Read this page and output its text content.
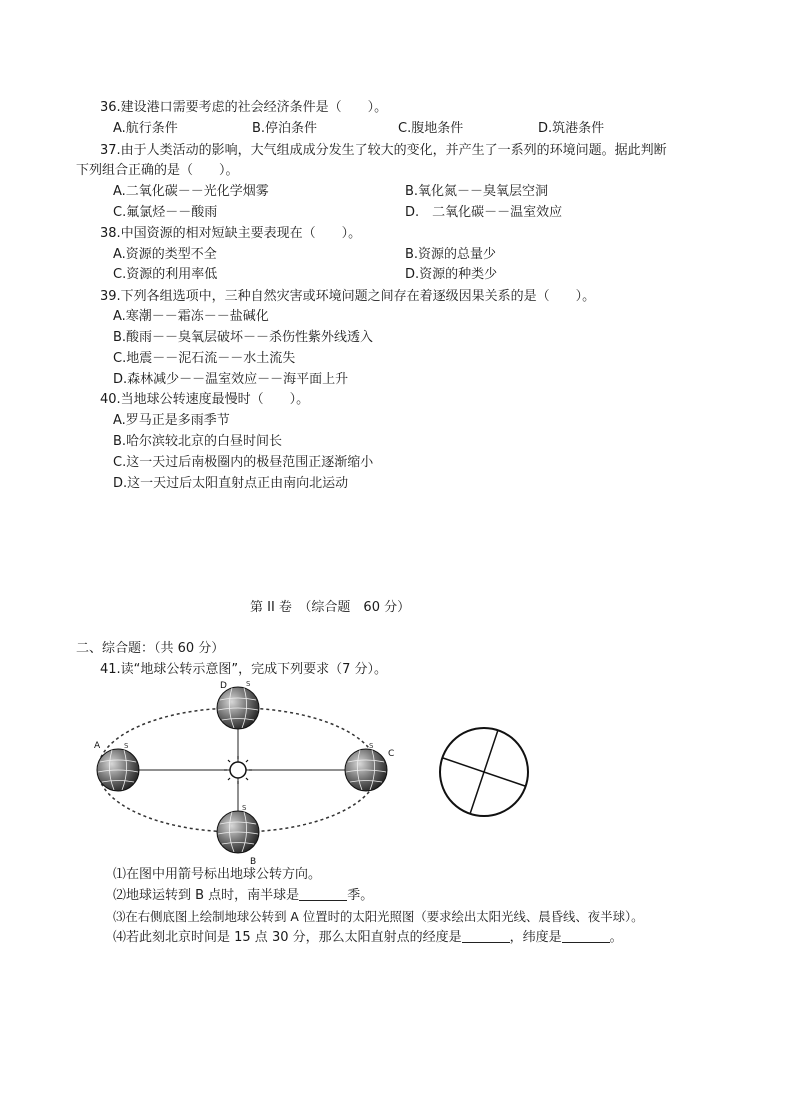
36.建设港口需要考虑的社会经济条件是（　　）。
A.航行条件	B.停泊条件	C.腹地条件	D.筑港条件
37.由于人类活动的影响，大气组成成分发生了较大的变化，并产生了一系列的环境问题。据此判断
下列组合正确的是（　　）。
A.二氧化碳－－光化学烟雾	B.氧化氮－－臭氧层空洞
C.氟氯烃－－酸雨	D.　二氧化碳－－温室效应
38.中国资源的相对短缺主要表现在（　　）。
A.资源的类型不全	B.资源的总量少
C.资源的利用率低	D.资源的种类少
39.下列各组选项中，三种自然灾害或环境问题之间存在着逐级因果关系的是（　　）。
A.寒潮－－霜冻－－盐碱化
B.酸雨－－臭氧层破坏－－杀伤性紫外线透入
C.地震－－泥石流－－水土流失
D.森林减少－－温室效应－－海平面上升
40.当地球公转速度最慢时（　　）。
A.罗马正是多雨季节
B.哈尔滨较北京的白昼时间长
C.这一天过后南极圈内的极昼范围正逐渐缩小
D.这一天过后太阳直射点正由南向北运动
第 II 卷　（综合题　60 分）
二、综合题：（共 60 分）
41.读“地球公转示意图”，完成下列要求（7 分）。
S
S	S
S
D
A
C
B
⑴在图中用箭号标出地球公转方向。
⑵地球运转到 B 点时，南半球是	季。
⑶在右侧底图上绘制地球公转到 A 位置时的太阳光照图（要求绘出太阳光线、晨昏线、夜半球）。
⑷若此刻北京时间是 15 点 30 分，那么太阳直射点的经度是	，纬度是	。
